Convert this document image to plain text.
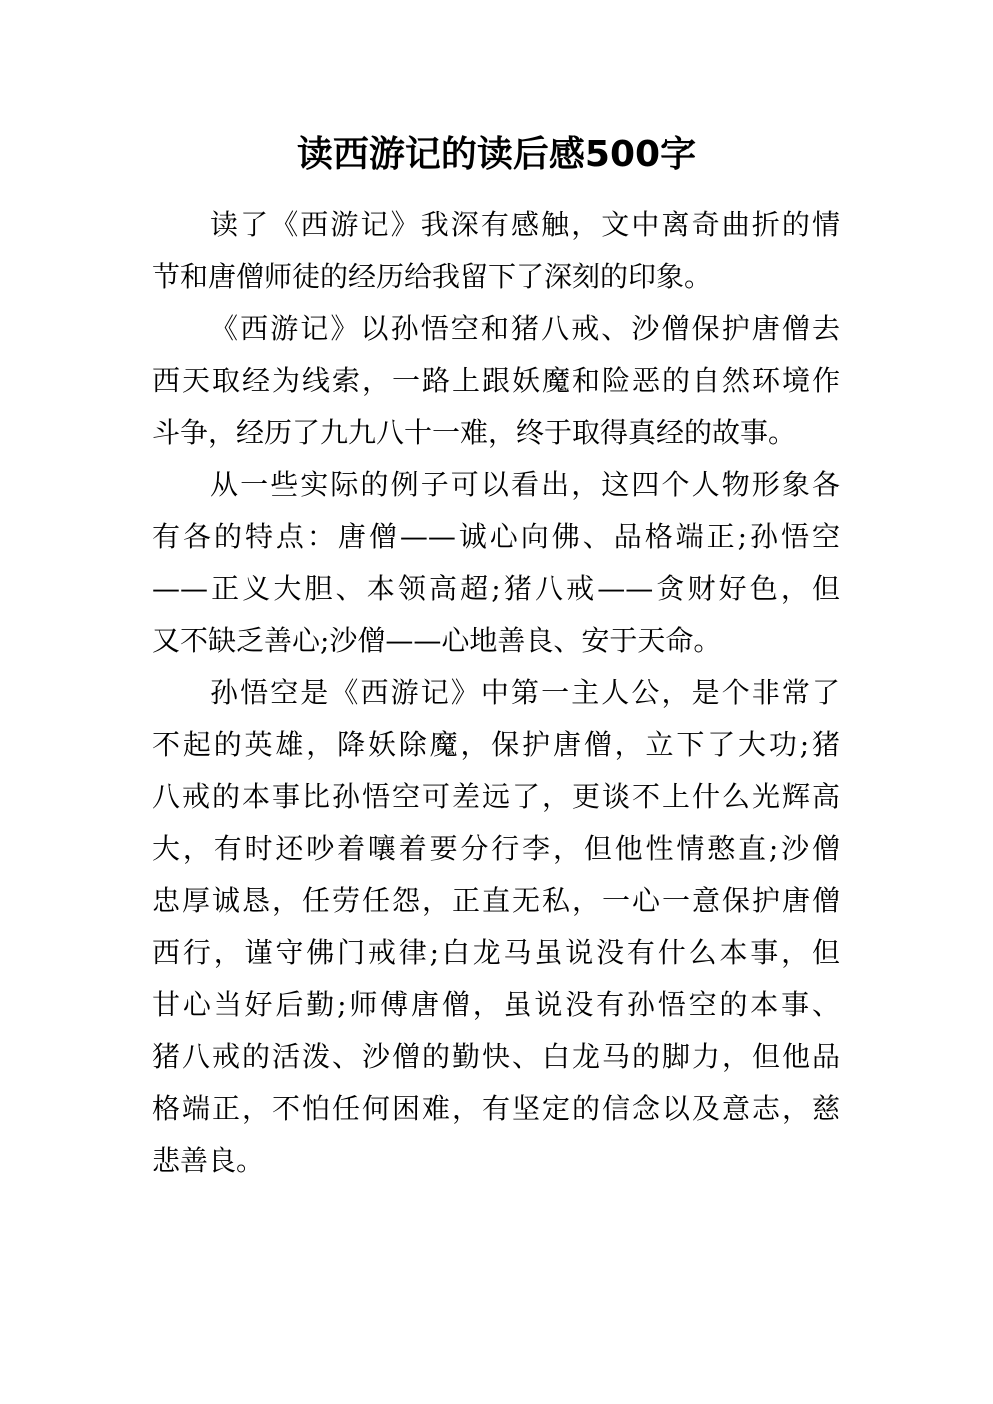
读西游记的读后感500字
读了《西游记》我深有感触，文中离奇曲折的情
节和唐僧师徒的经历给我留下了深刻的印象。
《西游记》以孙悟空和猪八戒、沙僧保护唐僧去
西天取经为线索，一路上跟妖魔和险恶的自然环境作
斗争，经历了九九八十一难，终于取得真经的故事。
从一些实际的例子可以看出，这四个人物形象各
有各的特点：唐僧——诚心向佛、品格端正;孙悟空
——正义大胆、本领高超;猪八戒——贪财好色，但
又不缺乏善心;沙僧——心地善良、安于天命。
孙悟空是《西游记》中第一主人公，是个非常了
不起的英雄，降妖除魔，保护唐僧，立下了大功;猪
八戒的本事比孙悟空可差远了，更谈不上什么光辉高
大，有时还吵着嚷着要分行李，但他性情憨直;沙僧
忠厚诚恳，任劳任怨，正直无私，一心一意保护唐僧
西行，谨守佛门戒律;白龙马虽说没有什么本事，但
甘心当好后勤;师傅唐僧，虽说没有孙悟空的本事、
猪八戒的活泼、沙僧的勤快、白龙马的脚力，但他品
格端正，不怕任何困难，有坚定的信念以及意志，慈
悲善良。
